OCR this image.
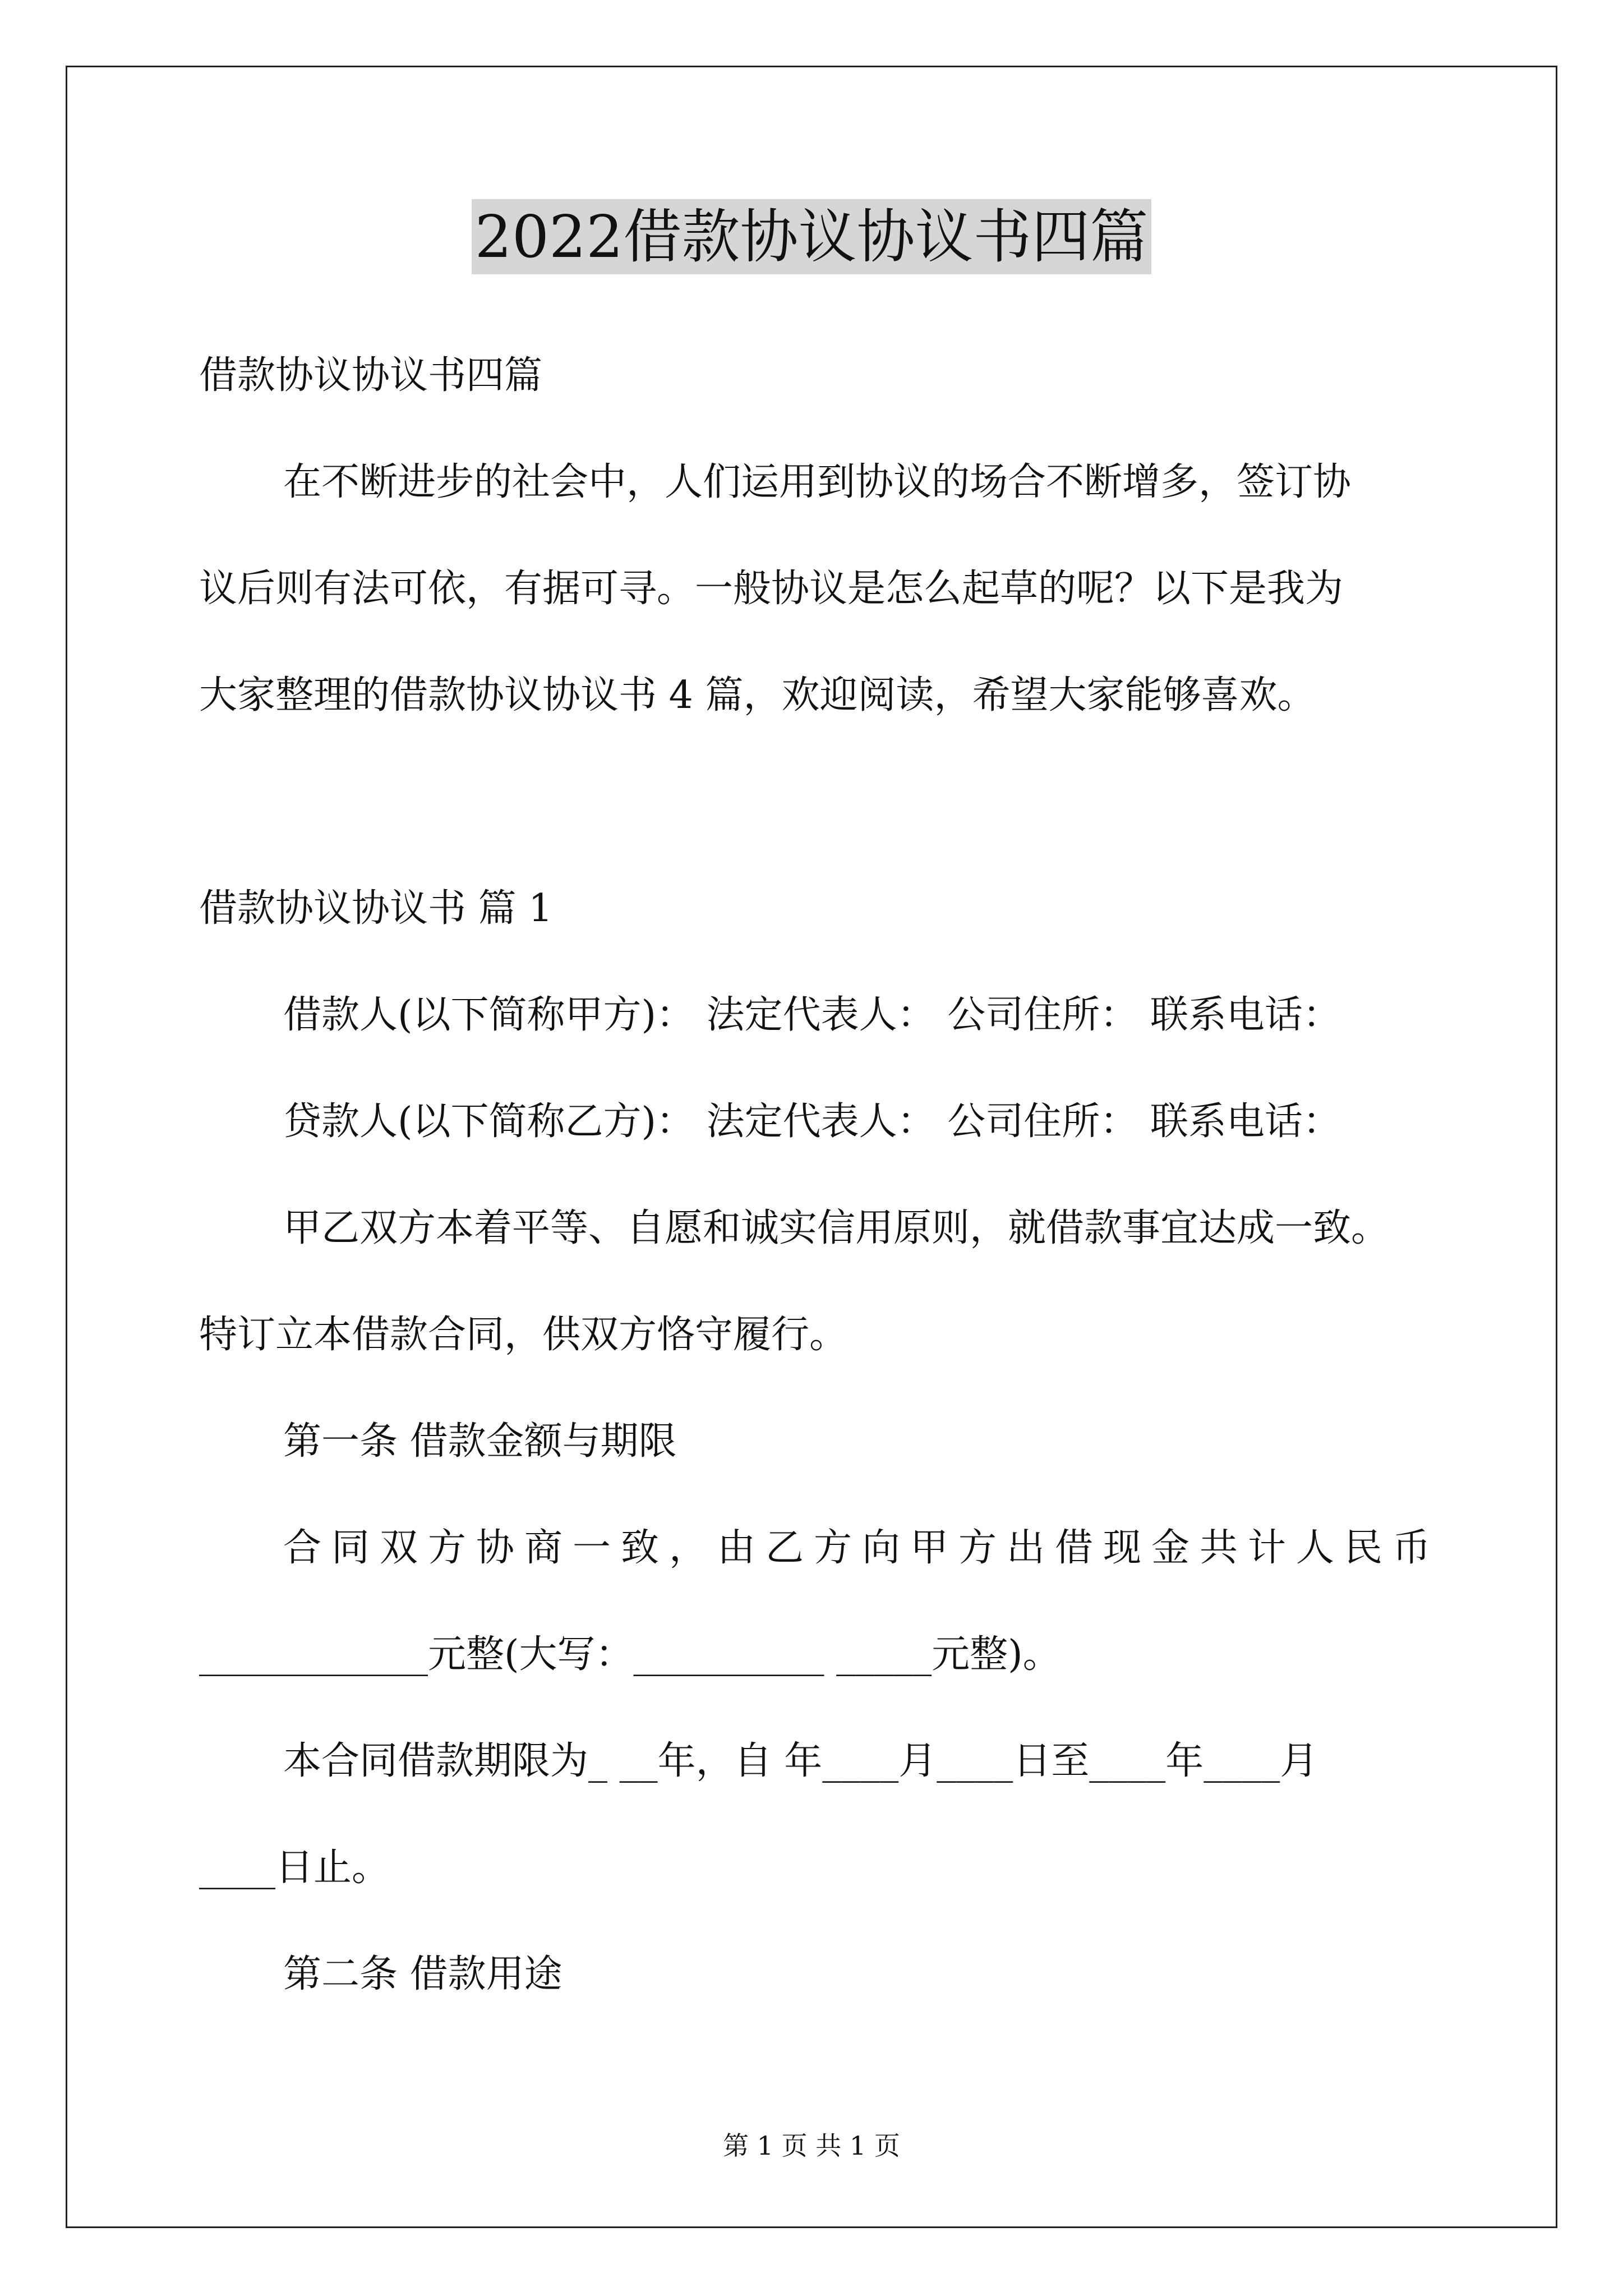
2022借款协议协议书四篇
借款协议协议书四篇
在不断进步的社会中，人们运用到协议的场合不断增多，签订协
议后则有法可依，有据可寻。一般协议是怎么起草的呢？以下是我为
大家整理的借款协议协议书 4 篇，欢迎阅读，希望大家能够喜欢。
借款协议协议书 篇 1
借款人(以下简称甲方)： 法定代表人： 公司住所： 联系电话：
贷款人(以下简称乙方)： 法定代表人： 公司住所： 联系电话：
甲乙双方本着平等、自愿和诚实信用原则，就借款事宜达成一致。
特订立本借款合同，供双方恪守履行。
第一条 借款金额与期限
合同双方协商一致，由乙方向甲方出借现金共计人民币
____________元整(大写：__________ _____元整)。
本合同借款期限为_ __年，自 年____月____日至____年____月
____日止。
第二条 借款用途
第 1 页 共 1 页
